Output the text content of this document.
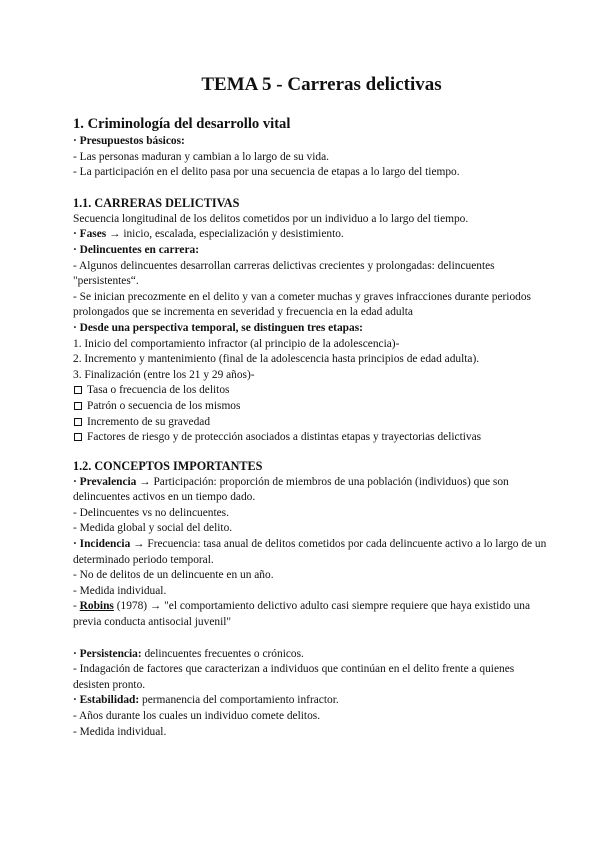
TEMA 5 - Carreras delictivas
1. Criminología del desarrollo vital

· Presupuestos básicos:

- Las personas maduran y cambian a lo largo de su vida.

- La participación en el delito pasa por una secuencia de etapas a lo largo del tiempo.

1.1. CARRERAS DELICTIVAS

Secuencia longitudinal de los delitos cometidos por un individuo a lo largo del tiempo.

· Fases → inicio, escalada, especialización y desistimiento.

· Delincuentes en carrera:

- Algunos delincuentes desarrollan carreras delictivas crecientes y prolongadas: delincuentes "persistentes“.

- Se inician precozmente en el delito y van a cometer muchas y graves infracciones durante periodos prolongados que se incrementa en severidad y frecuencia en la edad adulta

· Desde una perspectiva temporal, se distinguen tres etapas:

1. Inicio del comportamiento infractor (al principio de la adolescencia)-

2. Incremento y mantenimiento (final de la adolescencia hasta principios de edad adulta).

3. Finalización (entre los 21 y 29 años)-

Tasa o frecuencia de los delitos
Patrón o secuencia de los mismos
Incremento de su gravedad
Factores de riesgo y de protección asociados a distintas etapas y trayectorias delictivas
1.2. CONCEPTOS IMPORTANTES

· Prevalencia → Participación: proporción de miembros de una población (individuos) que son delincuentes activos en un tiempo dado.

- Delincuentes vs no delincuentes.

- Medida global y social del delito.

· Incidencia → Frecuencia: tasa anual de delitos cometidos por cada delincuente activo a lo largo de un determinado periodo temporal.

- No de delitos de un delincuente en un año.

- Medida individual.

- Robins (1978) → "el comportamiento delictivo adulto casi siempre requiere que haya existido una previa conducta antisocial juvenil"

· Persistencia: delincuentes frecuentes o crónicos.

- Indagación de factores que caracterizan a individuos que continúan en el delito frente a quienes desisten pronto.

· Estabilidad: permanencia del comportamiento infractor.

- Años durante los cuales un individuo comete delitos.

- Medida individual.
